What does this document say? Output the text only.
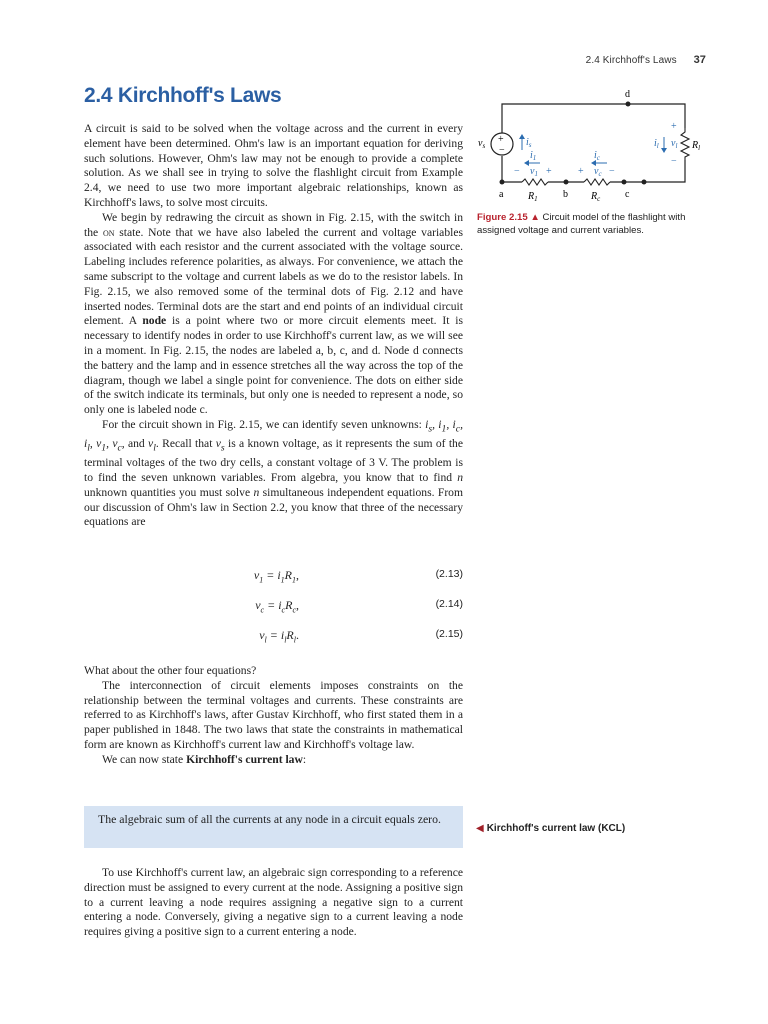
2.4 Kirchhoff's Laws 37
2.4 Kirchhoff's Laws

A circuit is said to be solved when the voltage across and the current in every element have been determined. Ohm's law is an important equation for deriving such solutions. However, Ohm's law may not be enough to provide a complete solution. As we shall see in trying to solve the flashlight circuit from Example 2.4, we need to use two more important algebraic relationships, known as Kirchhoff's laws, to solve most circuits.

We begin by redrawing the circuit as shown in Fig. 2.15, with the switch in the on state. Note that we have also labeled the current and voltage variables associated with each resistor and the current associated with the voltage source. Labeling includes reference polarities, as always. For convenience, we attach the same subscript to the voltage and current labels as we do to the resistor labels. In Fig. 2.15, we also removed some of the terminal dots of Fig. 2.12 and have inserted nodes. Terminal dots are the start and end points of an individual circuit element. A node is a point where two or more circuit elements meet. It is necessary to identify nodes in order to use Kirchhoff's current law, as we will see in a moment. In Fig. 2.15, the nodes are labeled a, b, c, and d. Node d connects the battery and the lamp and in essence stretches all the way across the top of the diagram, though we label a single point for convenience. The dots on either side of the switch indicate its terminals, but only one is needed to represent a node, so only one is labeled node c.

For the circuit shown in Fig. 2.15, we can identify seven unknowns: $i_s$, $i_1$, $i_c$, $i_l$, $v_1$, $v_c$, and $v_l$. Recall that $v_s$ is a known voltage, as it represents the sum of the terminal voltages of the two dry cells, a constant voltage of 3 V. The problem is to find the seven unknown variables. From algebra, you know that to find n unknown quantities you must solve n simultaneous independent equations. From our discussion of Ohm's law in Section 2.2, you know that three of the necessary equations are

$v_1 = i_1R_1$,	(2.13)
$v_c = i_cR_c$,	(2.14)
$v_l = i_lR_l$.	(2.15)

What about the other four equations?

The interconnection of circuit elements imposes constraints on the relationship between the terminal voltages and currents. These constraints are referred to as Kirchhoff's laws, after Gustav Kirchhoff, who first stated them in a paper published in 1848. The two laws that state the constraints in mathematical form are known as Kirchhoff's current law and Kirchhoff's voltage law.

We can now state Kirchhoff's current law:

The algebraic sum of all the currents at any node in a circuit equals zero.
◀ Kirchhoff's current law (KCL)

To use Kirchhoff's current law, an algebraic sign corresponding to a reference direction must be assigned to every current at the node. Assigning a positive sign to a current leaving a node requires assigning a negative sign to a current entering a node. Conversely, giving a negative sign to a current leaving a node requires giving a positive sign to a current entering a node.

+
−
$v_s$	$i_s$
$i_1$
− $v_1$ +
$R_1$
$i_c$
+ $v_c$ −
$R_c$
a	b	c
d
$R_l$
+
$v_l$
−
$i_l$
Figure 2.15 ▲ Circuit model of the flashlight with assigned voltage and current variables.
